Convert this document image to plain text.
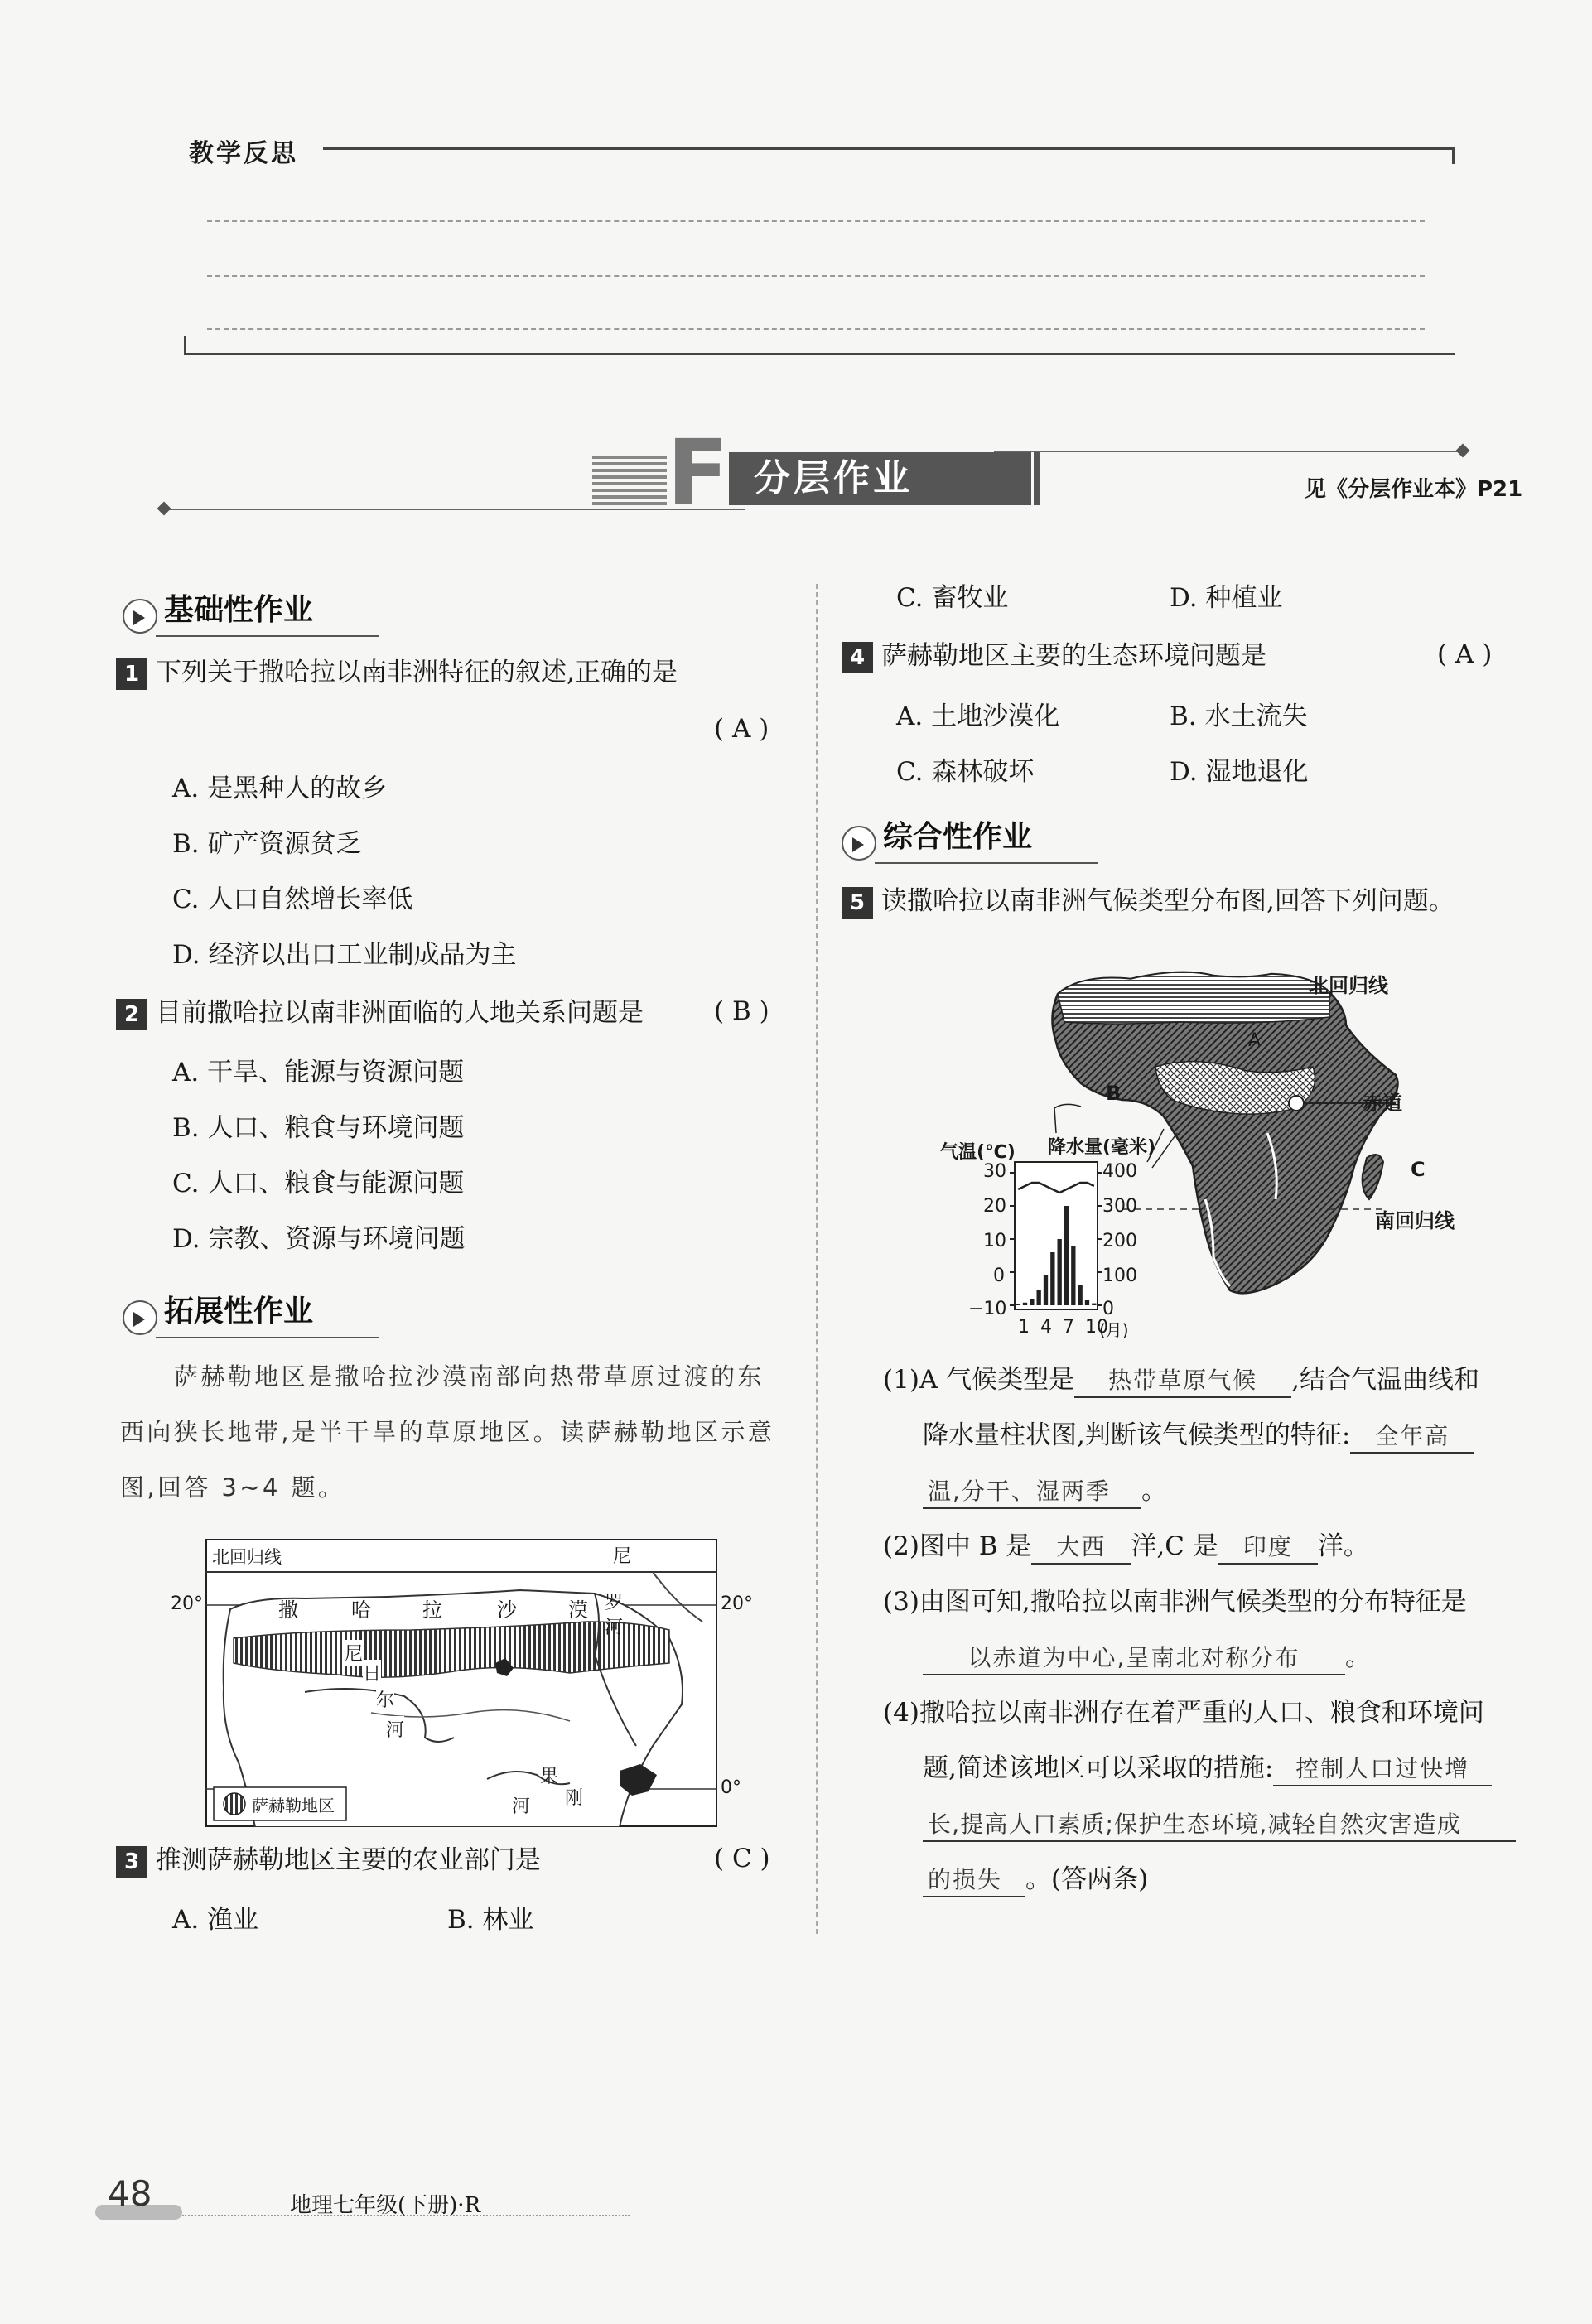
教学反思
F 分层作业	见《分层作业本》P21
基础性作业
1 下列关于撒哈拉以南非洲特征的叙述,正确的是
( A )
A. 是黑种人的故乡
B. 矿产资源贫乏
C. 人口自然增长率低
D. 经济以出口工业制成品为主
2 目前撒哈拉以南非洲面临的人地关系问题是	( B )
A. 干旱、能源与资源问题
B. 人口、粮食与环境问题
C. 人口、粮食与能源问题
D. 宗教、资源与环境问题
拓展性作业
萨赫勒地区是撒哈拉沙漠南部向热带草原过渡的东
西向狭长地带,是半干旱的草原地区。读萨赫勒地区示意
图,回答 3~4 题。
北回归线
20°	20°
0°
撒	哈	拉	沙	漠
尼
罗
河
尼
日
尔
河
刚
果
河
萨赫勒地区
3 推测萨赫勒地区主要的农业部门是	( C )
A. 渔业	B. 林业
C. 畜牧业	D. 种植业
4 萨赫勒地区主要的生态环境问题是	( A )
A. 土地沙漠化	B. 水土流失
C. 森林破坏	D. 湿地退化
综合性作业
5 读撒哈拉以南非洲气候类型分布图,回答下列问题。
北回归线
赤道
南回归线
A
B
C
气温(℃) 降水量(毫米)
30
20
10
0
−10
400
300
200
100
0
1 4 7 10
(月)
(1)A 气候类型是 热带草原气候 ,结合气温曲线和
降水量柱状图,判断该气候类型的特征: 全年高
温,分干、湿两季 。
(2)图中 B 是 大西 洋,C 是 印度 洋。
(3)由图可知,撒哈拉以南非洲气候类型的分布特征是
以赤道为中心,呈南北对称分布 。
(4)撒哈拉以南非洲存在着严重的人口、粮食和环境问
题,简述该地区可以采取的措施: 控制人口过快增
长,提高人口素质;保护生态环境,减轻自然灾害造成
的损失 。(答两条)
48	地理七年级(下册)·R
